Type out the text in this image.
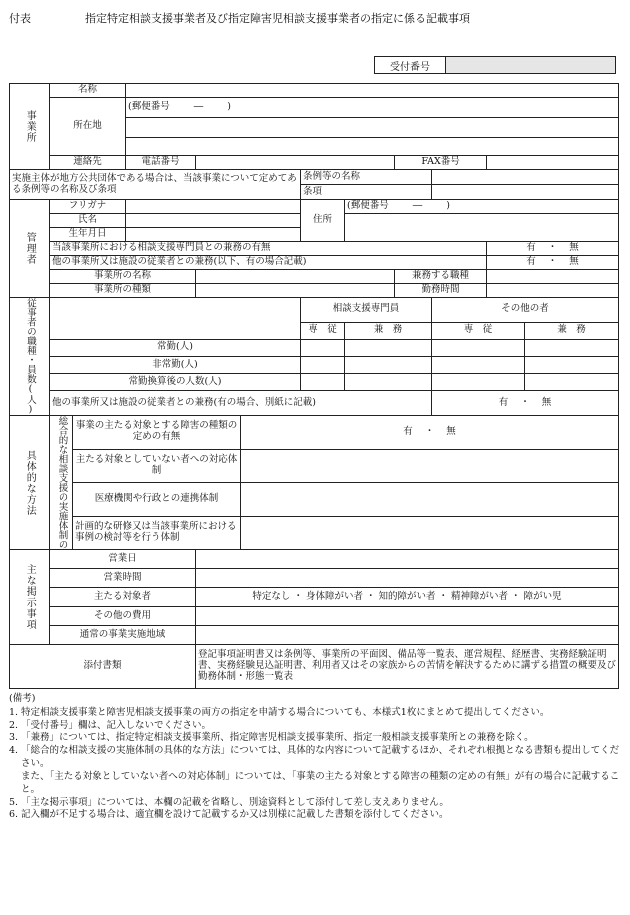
付表	指定特定相談支援事業者及び指定障害児相談支援事業者の指定に係る記載事項
受付番号	
事業所	名称										
	所在地		(郵便番号 ― )								

	連絡先		電話番号					FAX番号			
実施主体が地方公共団体である場合は、当該事業について定めてある条例等の名称及び条項						条例等の名称					
						条項					

管理者	フリガナ					住所	(郵便番号 ― )				
	氏名										
	生年月日										
	当該事業所における相談支援専門員との兼務の有無									有 ・ 無	
	他の事業所又は施設の従業者との兼務(以下、有の場合記載)									有 ・ 無	
	事業所の名称							兼務する職種			
	事業所の種類							勤務時間			

従事者の職種・員数(人)						相談支援専門員			その他の者		
						専　従	兼　務		専　従		兼　務
	常勤(人)										
	非常勤(人)										
	常勤換算後の人数(人)										
	他の事業所又は施設の従業者との兼務(有の場合、別紙に記載)								有 ・ 無		

具体的な方法	総合的な相談支援の実施体制の	事業の主たる対象とする障害の種類の定めの有無			有 ・ 無						
		主たる対象としていない者への対応体制									
		医療機関や行政との連携体制									
		計画的な研修又は当該事業所における事例の検討等を行う体制									

主な掲示事項	営業日										
	営業時間										
	主たる対象者			特定なし ・ 身体障がい者 ・ 知的障がい者 ・ 精神障がい者 ・ 障がい児							
	その他の費用										
	通常の事業実施地域										
添付書類				登記事項証明書又は条例等、事業所の平面図、備品等一覧表、運営規程、経歴書、実務経験証明書、実務経験見込証明書、利用者又はその家族からの苦情を解決するために講ずる措置の概要及び勤務体制・形態一覧表							
(備考)
1. 特定相談支援事業と障害児相談支援事業の両方の指定を申請する場合についても、本様式1枚にまとめて提出してください。
2. 「受付番号」欄は、記入しないでください。
3. 「兼務」については、指定特定相談支援事業所、指定障害児相談支援事業所、指定一般相談支援事業所との兼務を除く。
4. 「総合的な相談支援の実施体制の具体的な方法」については、具体的な内容について記載するほか、それぞれ根拠となる書類も提出してください。
また、「主たる対象としていない者への対応体制」については、「事業の主たる対象とする障害の種類の定めの有無」が有の場合に記載すること。
5. 「主な掲示事項」については、本欄の記載を省略し、別途資料として添付して差し支えありません。
6. 記入欄が不足する場合は、適宜欄を設けて記載するか又は別様に記載した書類を添付してください。
